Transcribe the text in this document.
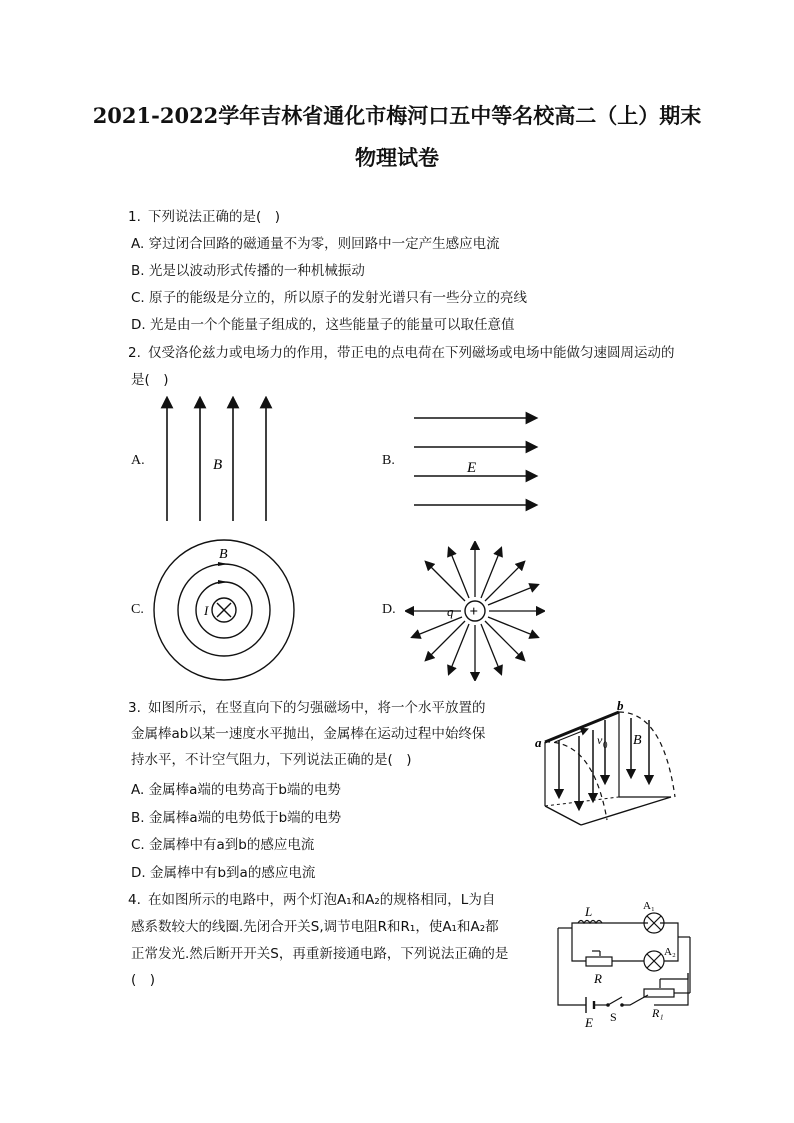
2021-2022学年吉林省通化市梅河口五中等名校高二（上）期末
物理试卷
1. 下列说法正确的是(　)
A. 穿过闭合回路的磁通量不为零，则回路中一定产生感应电流
B. 光是以波动形式传播的一种机械振动
C. 原子的能级是分立的，所以原子的发射光谱只有一些分立的亮线
D. 光是由一个个能量子组成的，这些能量子的能量可以取任意值
2. 仅受洛伦兹力或电场力的作用，带正电的点电荷在下列磁场或电场中能做匀速圆周运动的
是(　)
A.	B.
C.	D.
B	E
B
I	+
q
3. 如图所示，在竖直向下的匀强磁场中，将一个水平放置的
金属棒ab以某一速度水平抛出，金属棒在运动过程中始终保
持水平，不计空气阻力，下列说法正确的是(　)
A. 金属棒a端的电势高于b端的电势
B. 金属棒a端的电势低于b端的电势
C. 金属棒中有a到b的感应电流
D. 金属棒中有b到a的感应电流
a
b
v 0 B
4. 在如图所示的电路中，两个灯泡A₁和A₂的规格相同，L为自
感系数较大的线圈.先闭合开关S,调节电阻R和R₁，使A₁和A₂都
正常发光.然后断开开关S，再重新接通电路，下列说法正确的是
(　)
L	A₁
A₂
R
E S	R₁
